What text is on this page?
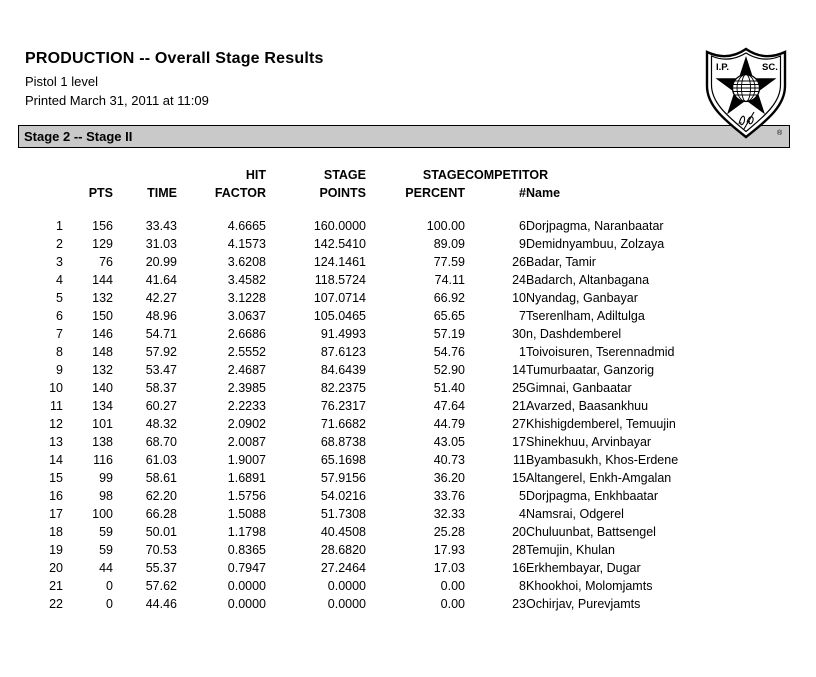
PRODUCTION -- Overall Stage Results
Pistol 1 level
Printed March 31, 2011 at 11:09
I.P.	SC.
®
Stage 2 -- Stage II
			HIT	STAGE	STAGE	COMPETITOR	
	PTS	TIME	FACTOR	POINTS	PERCENT	#	Name
1	156	33.43	4.6665	160.0000	100.00	6	Dorjpagma, Naranbaatar
2	129	31.03	4.1573	142.5410	89.09	9	Demidnyambuu, Zolzaya
3	76	20.99	3.6208	124.1461	77.59	26	Badar, Tamir
4	144	41.64	3.4582	118.5724	74.11	24	Badarch, Altanbagana
5	132	42.27	3.1228	107.0714	66.92	10	Nyandag, Ganbayar
6	150	48.96	3.0637	105.0465	65.65	7	Tserenlham, Adiltulga
7	146	54.71	2.6686	91.4993	57.19	30	n, Dashdemberel
8	148	57.92	2.5552	87.6123	54.76	1	Toivoisuren, Tserennadmid
9	132	53.47	2.4687	84.6439	52.90	14	Tumurbaatar, Ganzorig
10	140	58.37	2.3985	82.2375	51.40	25	Gimnai, Ganbaatar
11	134	60.27	2.2233	76.2317	47.64	21	Avarzed, Baasankhuu
12	101	48.32	2.0902	71.6682	44.79	27	Khishigdemberel, Temuujin
13	138	68.70	2.0087	68.8738	43.05	17	Shinekhuu, Arvinbayar
14	116	61.03	1.9007	65.1698	40.73	11	Byambasukh, Khos-Erdene
15	99	58.61	1.6891	57.9156	36.20	15	Altangerel, Enkh-Amgalan
16	98	62.20	1.5756	54.0216	33.76	5	Dorjpagma, Enkhbaatar
17	100	66.28	1.5088	51.7308	32.33	4	Namsrai, Odgerel
18	59	50.01	1.1798	40.4508	25.28	20	Chuluunbat, Battsengel
19	59	70.53	0.8365	28.6820	17.93	28	Temujin, Khulan
20	44	55.37	0.7947	27.2464	17.03	16	Erkhembayar, Dugar
21	0	57.62	0.0000	0.0000	0.00	8	Khookhoi, Molomjamts
22	0	44.46	0.0000	0.0000	0.00	23	Ochirjav, Purevjamts
